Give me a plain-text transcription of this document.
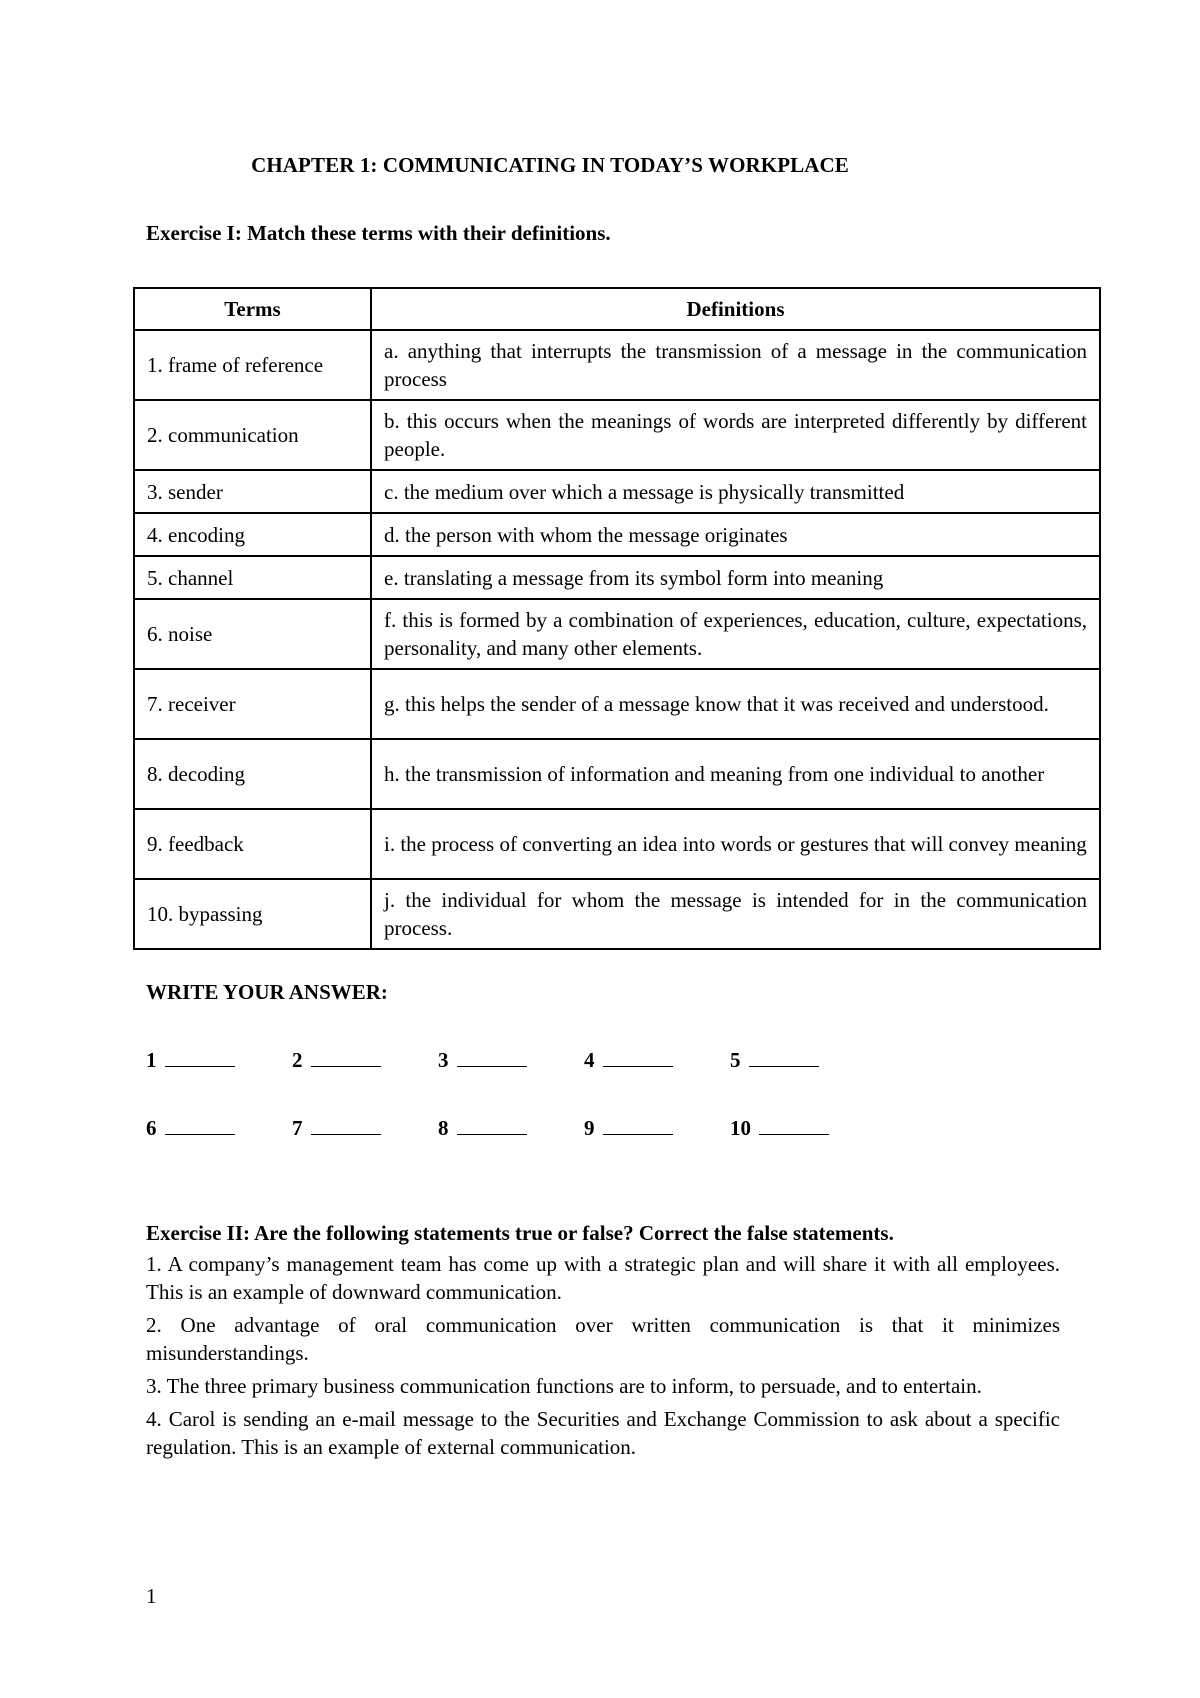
CHAPTER 1: COMMUNICATING IN TODAY’S WORKPLACE
Exercise I: Match these terms with their definitions.
Terms	Definitions
1. frame of reference	a. anything that interrupts the transmission of a message in the communication process
2. communication	b. this occurs when the meanings of words are interpreted differently by different people.
3. sender	c. the medium over which a message is physically transmitted
4. encoding	d. the person with whom the message originates
5. channel	e. translating a message from its symbol form into meaning
6. noise	f. this is formed by a combination of experiences, education, culture, expectations, personality, and many other elements.
7. receiver	g. this helps the sender of a message know that it was received and understood.
8. decoding	h. the transmission of information and meaning from one individual to another
9. feedback	i. the process of converting an idea into words or gestures that will convey meaning
10. bypassing	j. the individual for whom the message is intended for in the communication process.
WRITE YOUR ANSWER:
1	2	3	4	5
6	7	8	9	10
Exercise II: Are the following statements true or false? Correct the false statements.
1. A company’s management team has come up with a strategic plan and will share it with all employees. This is an example of downward communication.
2. One advantage of oral communication over written communication is that it minimizes misunderstandings.
3. The three primary business communication functions are to inform, to persuade, and to entertain.
4. Carol is sending an e-mail message to the Securities and Exchange Commission to ask about a specific regulation. This is an example of external communication.
1
